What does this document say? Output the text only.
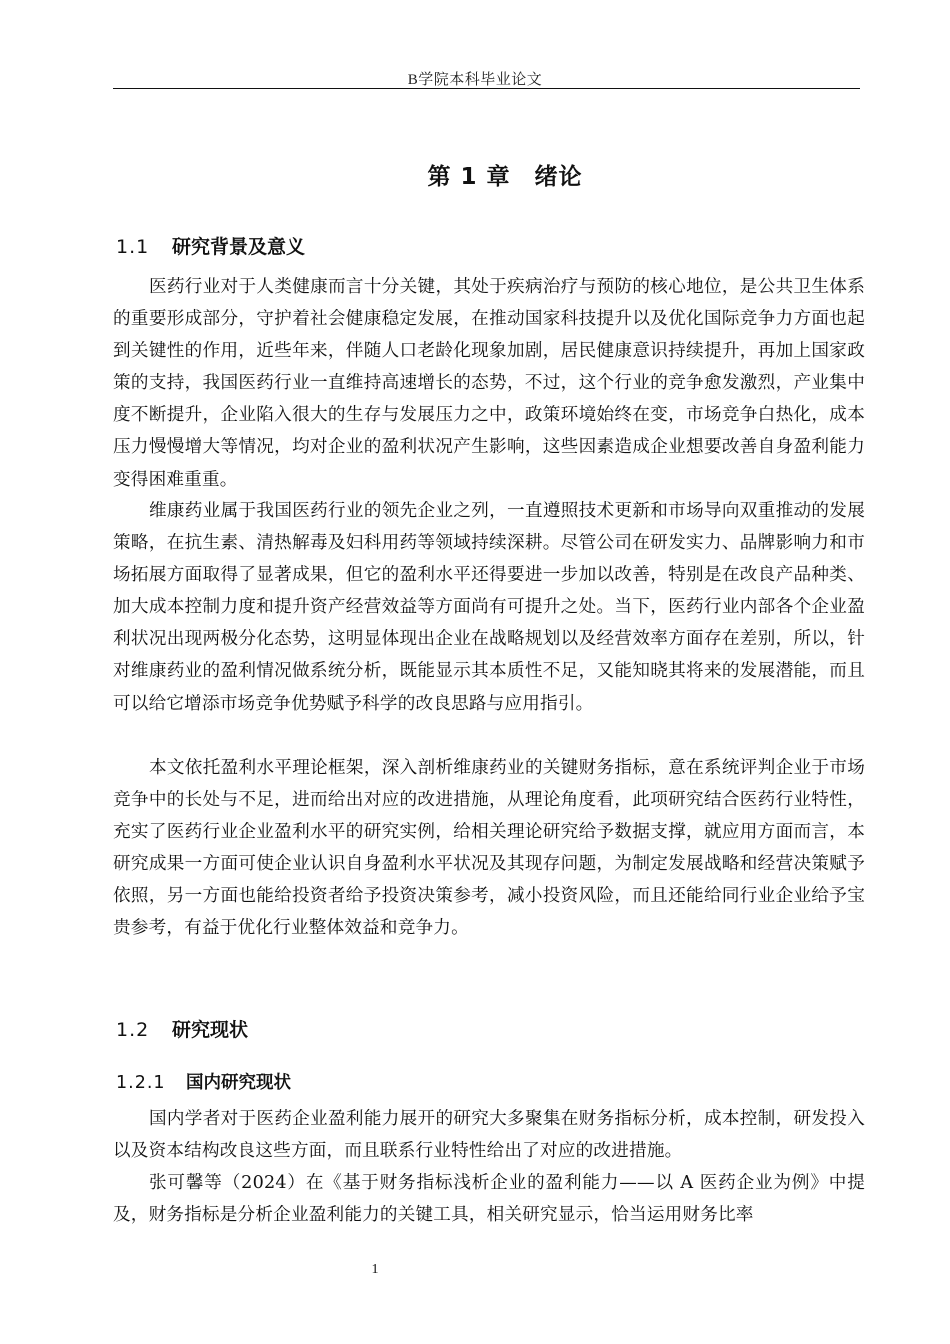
B学院本科毕业论文
第 1 章 绪论
1.1 研究背景及意义

医药行业对于人类健康而言十分关键，其处于疾病治疗与预防的核心地位，是公共卫生体系的重要形成部分，守护着社会健康稳定发展，在推动国家科技提升以及优化国际竞争力方面也起到关键性的作用，近些年来，伴随人口老龄化现象加剧，居民健康意识持续提升，再加上国家政策的支持，我国医药行业一直维持高速增长的态势，不过，这个行业的竞争愈发激烈，产业集中度不断提升，企业陷入很大的生存与发展压力之中，政策环境始终在变，市场竞争白热化，成本压力慢慢增大等情况，均对企业的盈利状况产生影响，这些因素造成企业想要改善自身盈利能力变得困难重重。

维康药业属于我国医药行业的领先企业之列，一直遵照技术更新和市场导向双重推动的发展策略，在抗生素、清热解毒及妇科用药等领域持续深耕。尽管公司在研发实力、品牌影响力和市场拓展方面取得了显著成果，但它的盈利水平还得要进一步加以改善，特别是在改良产品种类、加大成本控制力度和提升资产经营效益等方面尚有可提升之处。当下，医药行业内部各个企业盈利状况出现两极分化态势，这明显体现出企业在战略规划以及经营效率方面存在差别，所以，针对维康药业的盈利情况做系统分析，既能显示其本质性不足，又能知晓其将来的发展潜能，而且可以给它增添市场竞争优势赋予科学的改良思路与应用指引。

本文依托盈利水平理论框架，深入剖析维康药业的关键财务指标，意在系统评判企业于市场竞争中的长处与不足，进而给出对应的改进措施，从理论角度看，此项研究结合医药行业特性，充实了医药行业企业盈利水平的研究实例，给相关理论研究给予数据支撑，就应用方面而言，本研究成果一方面可使企业认识自身盈利水平状况及其现存问题，为制定发展战略和经营决策赋予依照，另一方面也能给投资者给予投资决策参考，减小投资风险，而且还能给同行业企业给予宝贵参考，有益于优化行业整体效益和竞争力。

1.2 研究现状
1.2.1 国内研究现状

国内学者对于医药企业盈利能力展开的研究大多聚集在财务指标分析，成本控制，研发投入以及资本结构改良这些方面，而且联系行业特性给出了对应的改进措施。

张可馨等（2024）在《基于财务指标浅析企业的盈利能力——以 A 医药企业为例》中提及，财务指标是分析企业盈利能力的关键工具，相关研究显示，恰当运用财务比率

1
